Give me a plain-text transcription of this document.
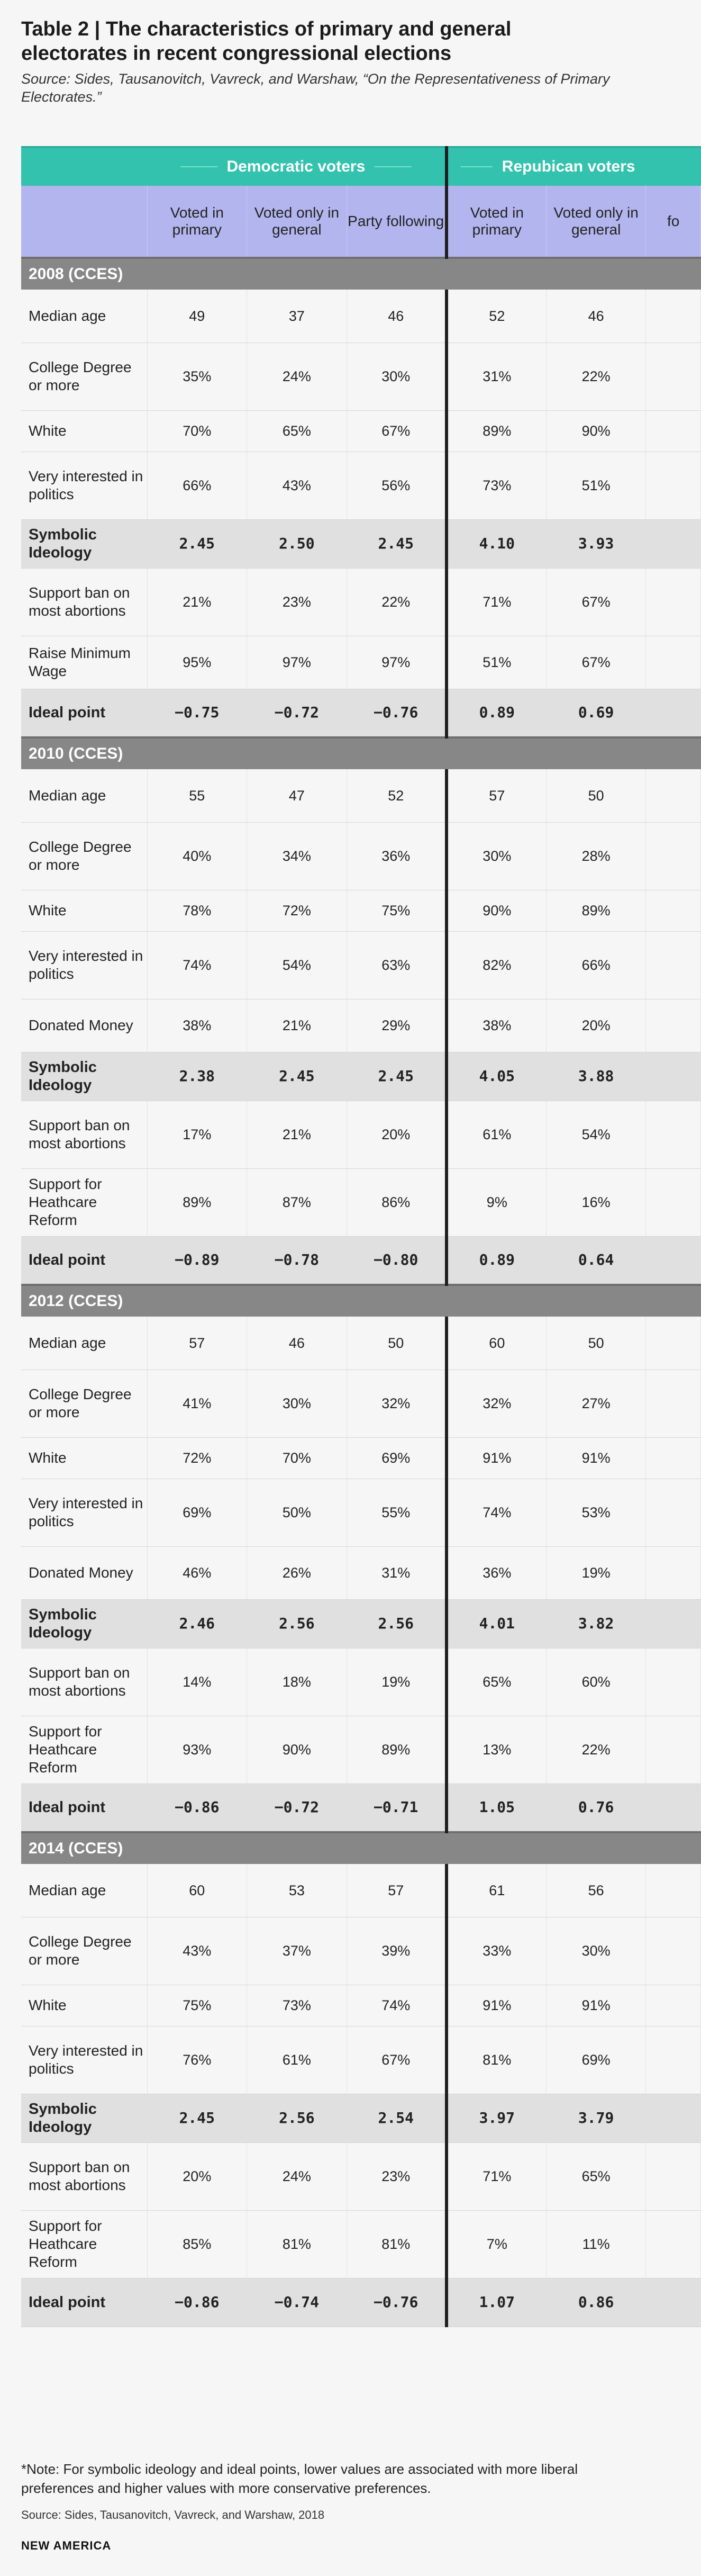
Table 2 | The characteristics of primary and general electorates in recent congressional elections
Source: Sides, Tausanovitch, Vavreck, and Warshaw, “On the Representativeness of Primary Electorates.”

	Democratic voters			Repubican voters		

	Voted in primary	Voted only in general	Party following	Voted in primary	Voted only in general	fo
2008 (CCES)						
Median age	49	37	46	52	46	
College Degree or more	35%	24%	30%	31%	22%	
White	70%	65%	67%	89%	90%	
Very interested in politics	66%	43%	56%	73%	51%	
Symbolic Ideology	2.45	2.50	2.45	4.10	3.93	
Support ban on most abortions	21%	23%	22%	71%	67%	
Raise Minimum Wage	95%	97%	97%	51%	67%	
Ideal point	−0.75	−0.72	−0.76	0.89	0.69	
2010 (CCES)						
Median age	55	47	52	57	50	
College Degree or more	40%	34%	36%	30%	28%	
White	78%	72%	75%	90%	89%	
Very interested in politics	74%	54%	63%	82%	66%	
Donated Money	38%	21%	29%	38%	20%	
Symbolic Ideology	2.38	2.45	2.45	4.05	3.88	
Support ban on most abortions	17%	21%	20%	61%	54%	
Support for Heathcare Reform	89%	87%	86%	9%	16%	
Ideal point	−0.89	−0.78	−0.80	0.89	0.64	
2012 (CCES)						
Median age	57	46	50	60	50	
College Degree or more	41%	30%	32%	32%	27%	
White	72%	70%	69%	91%	91%	
Very interested in politics	69%	50%	55%	74%	53%	
Donated Money	46%	26%	31%	36%	19%	
Symbolic Ideology	2.46	2.56	2.56	4.01	3.82	
Support ban on most abortions	14%	18%	19%	65%	60%	
Support for Heathcare Reform	93%	90%	89%	13%	22%	
Ideal point	−0.86	−0.72	−0.71	1.05	0.76	
2014 (CCES)						
Median age	60	53	57	61	56	
College Degree or more	43%	37%	39%	33%	30%	
White	75%	73%	74%	91%	91%	
Very interested in politics	76%	61%	67%	81%	69%	
Symbolic Ideology	2.45	2.56	2.54	3.97	3.79	
Support ban on most abortions	20%	24%	23%	71%	65%	
Support for Heathcare Reform	85%	81%	81%	7%	11%	
Ideal point	−0.86	−0.74	−0.76	1.07	0.86	
*Note: For symbolic ideology and ideal points, lower values are associated with more liberal preferences and higher values with more conservative preferences.
Source: Sides, Tausanovitch, Vavreck, and Warshaw, 2018
NEW AMERICA
